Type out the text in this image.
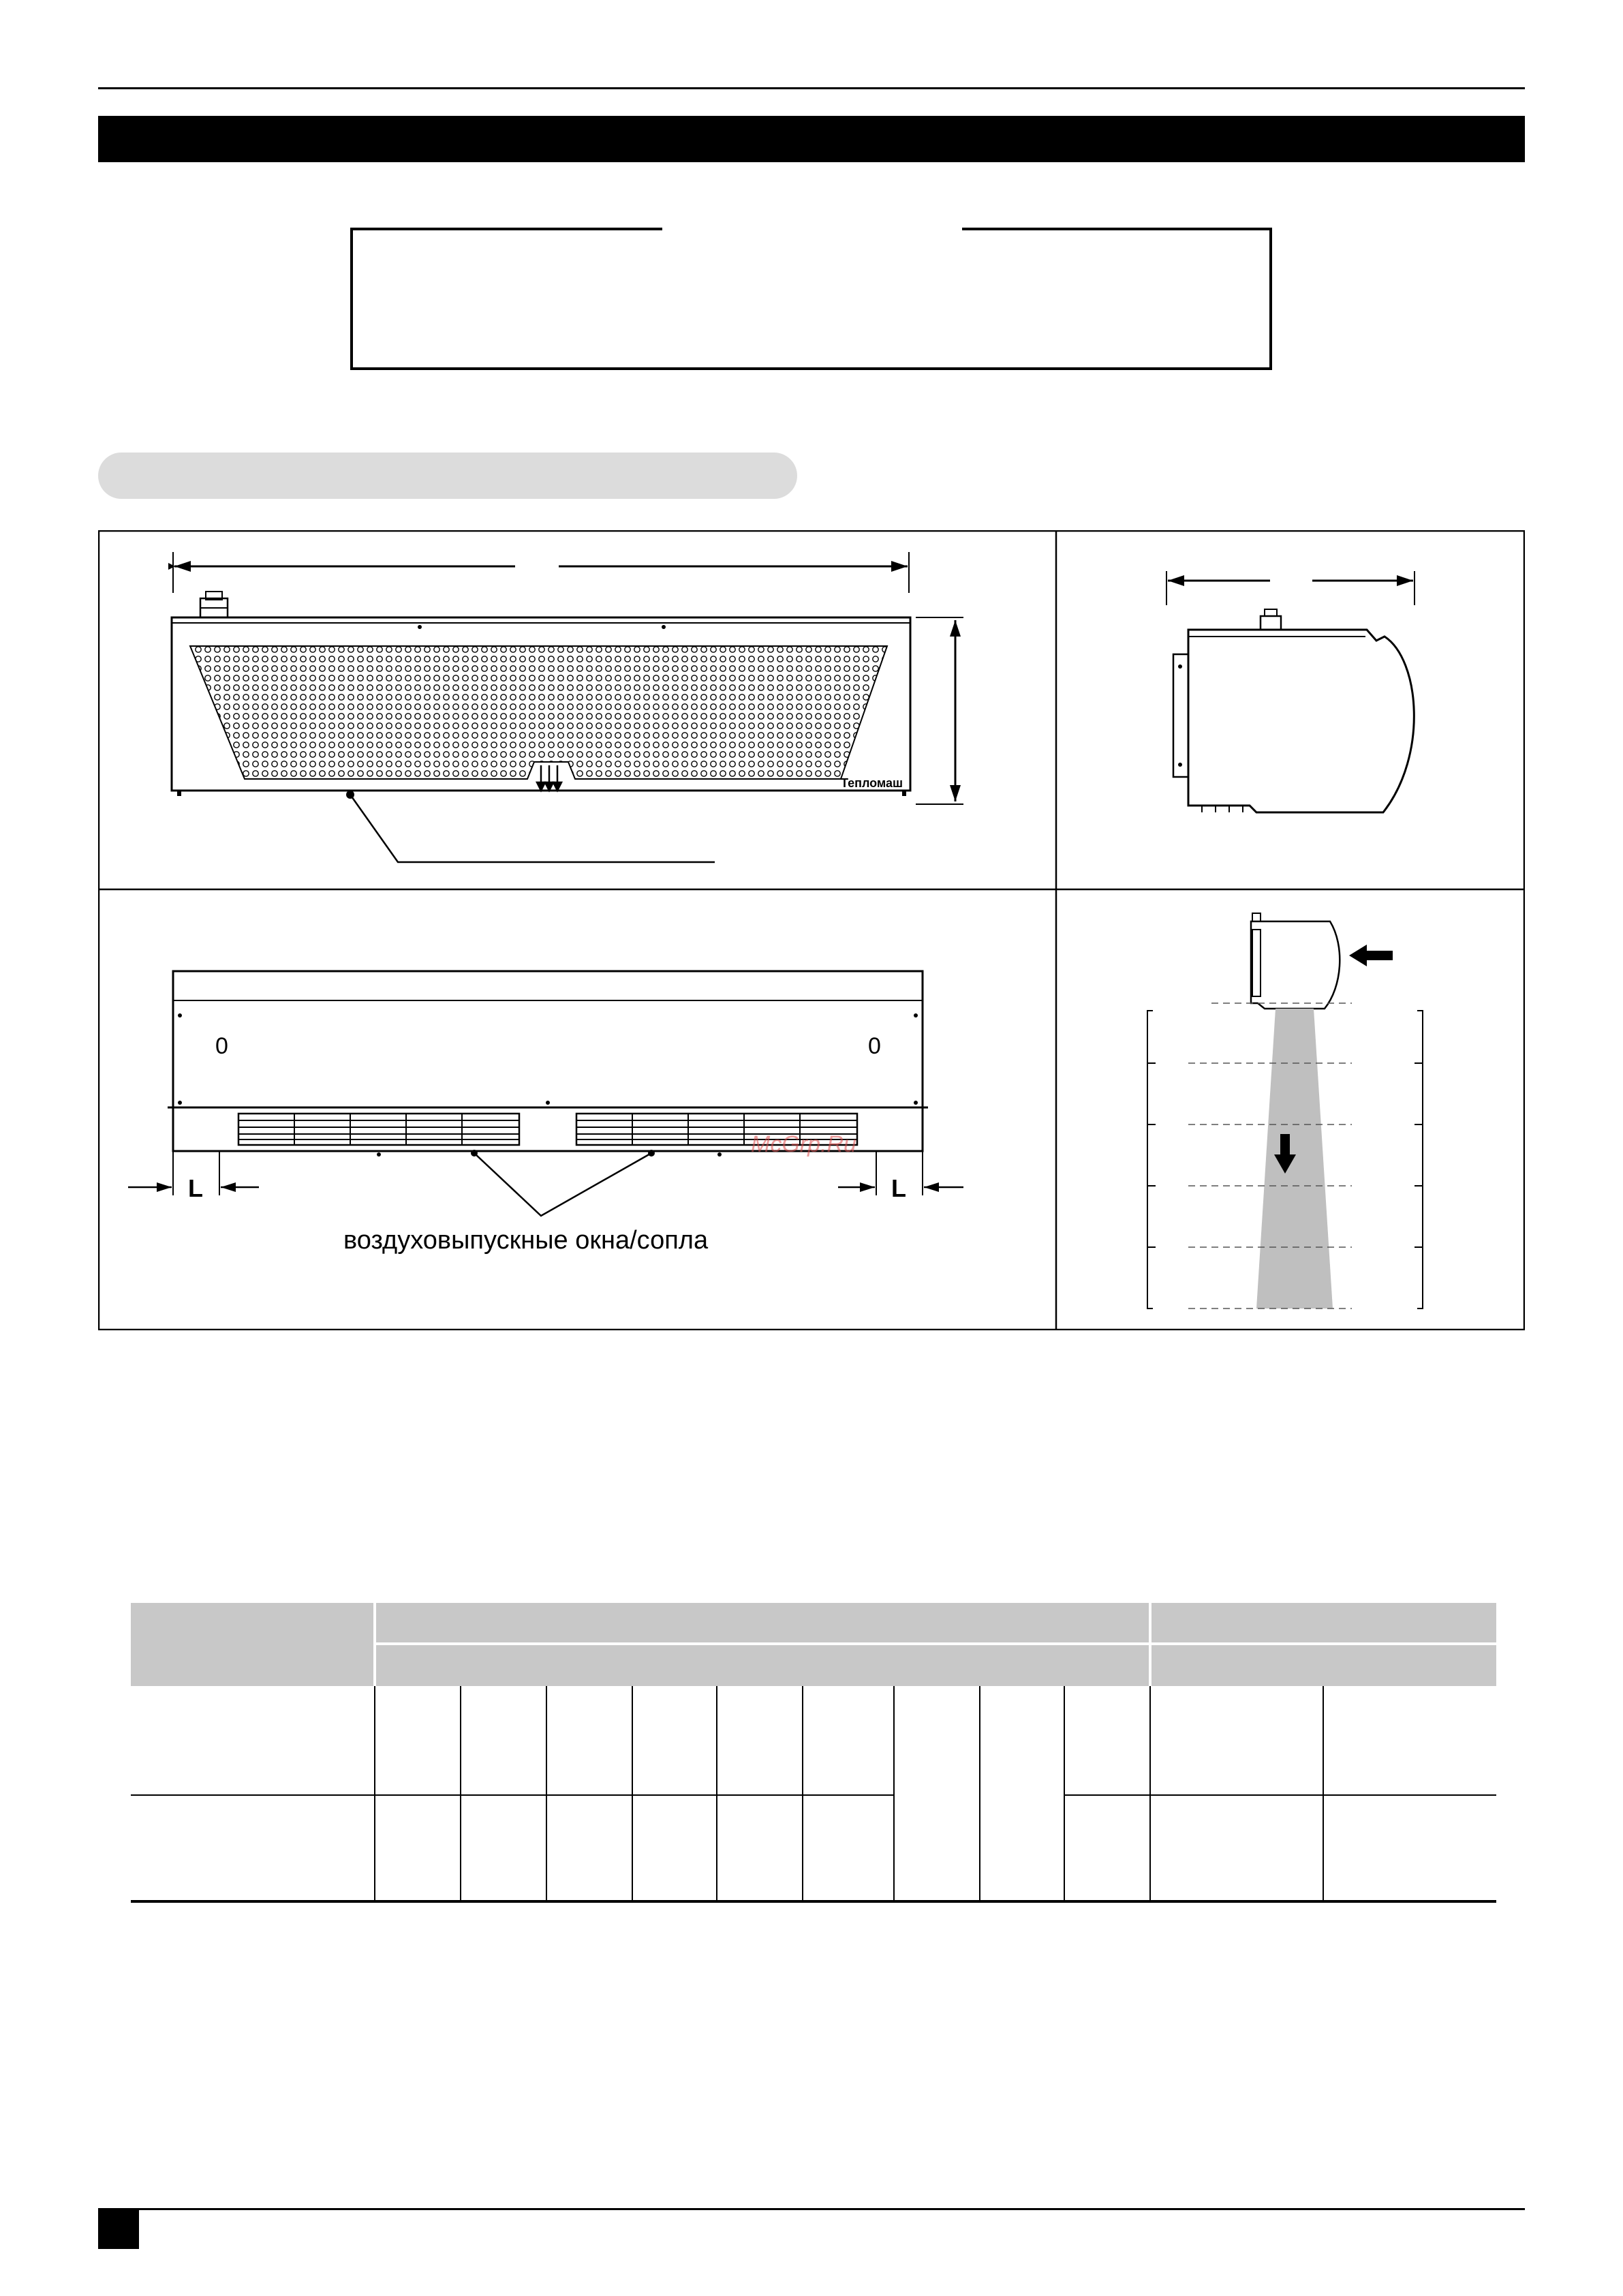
Тепломаш
0	0
L	L
воздуховыпускные окна/сопла
McGrp.Ru
